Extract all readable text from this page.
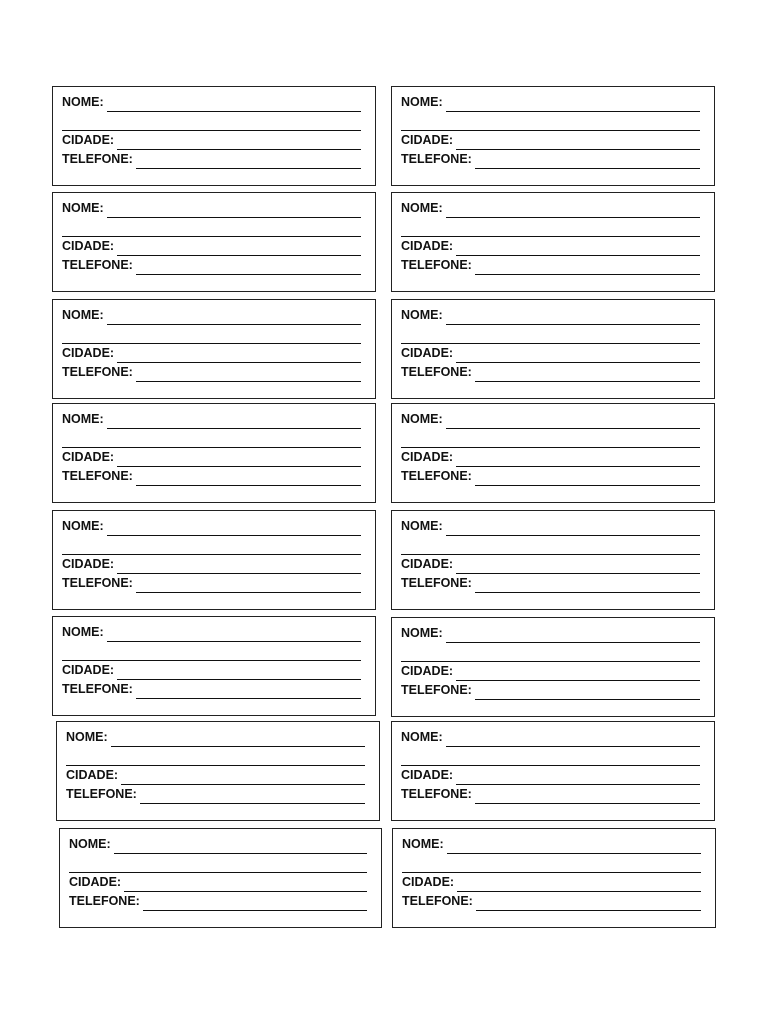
NOME:
CIDADE:
TELEFONE:
NOME:
CIDADE:
TELEFONE:
NOME:
CIDADE:
TELEFONE:
NOME:
CIDADE:
TELEFONE:
NOME:
CIDADE:
TELEFONE:
NOME:
CIDADE:
TELEFONE:
NOME:
CIDADE:
TELEFONE:
NOME:
CIDADE:
TELEFONE:
NOME:
CIDADE:
TELEFONE:
NOME:
CIDADE:
TELEFONE:
NOME:
CIDADE:
TELEFONE:
NOME:
CIDADE:
TELEFONE:
NOME:
CIDADE:
TELEFONE:
NOME:
CIDADE:
TELEFONE:
NOME:
CIDADE:
TELEFONE:
NOME:
CIDADE:
TELEFONE:
